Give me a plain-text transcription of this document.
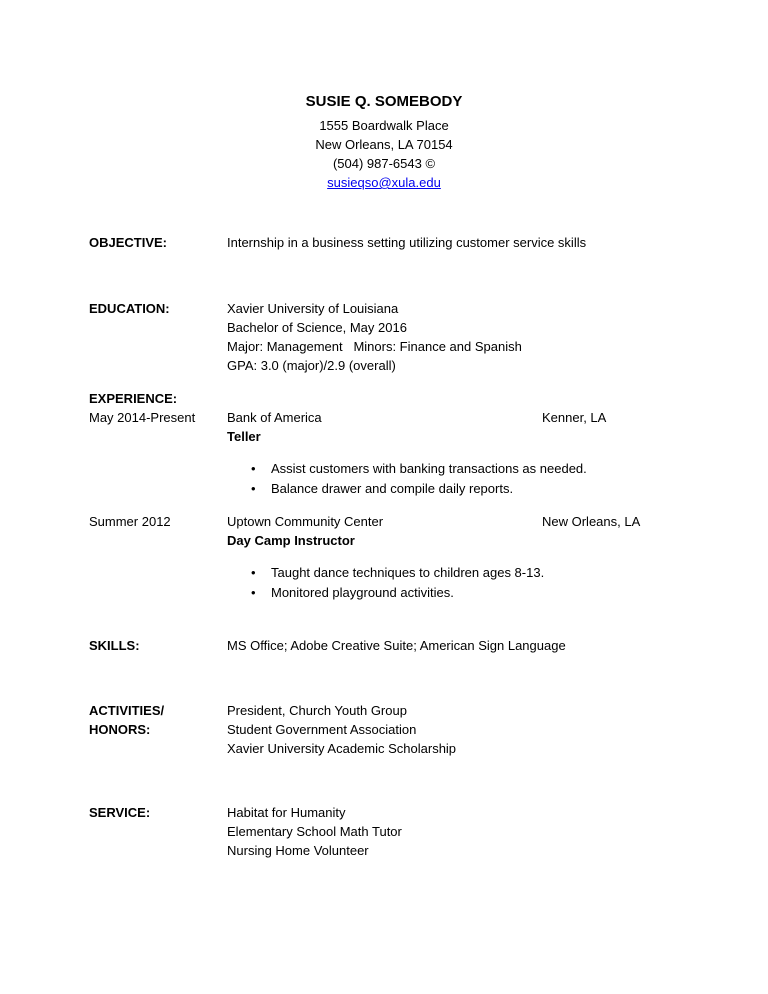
SUSIE Q. SOMEBODY
1555 Boardwalk Place
New Orleans, LA 70154
(504) 987-6543 ©
susieqso@xula.edu
OBJECTIVE:	Internship in a business setting utilizing customer service skills
EDUCATION:	Xavier University of Louisiana
Bachelor of Science, May 2016
Major: Management   Minors: Finance and Spanish
GPA: 3.0 (major)/2.9 (overall)
EXPERIENCE:
May 2014-Present Bank of America	Kenner, LA
Teller
• Assist customers with banking transactions as needed.
• Balance drawer and compile daily reports.
Summer 2012	Uptown Community Center	New Orleans, LA
Day Camp Instructor
• Taught dance techniques to children ages 8-13.
• Monitored playground activities.
SKILLS:	MS Office; Adobe Creative Suite; American Sign Language
ACTIVITIES/
HONORS:
President, Church Youth Group
Student Government Association
Xavier University Academic Scholarship
SERVICE:	Habitat for Humanity
Elementary School Math Tutor
Nursing Home Volunteer
